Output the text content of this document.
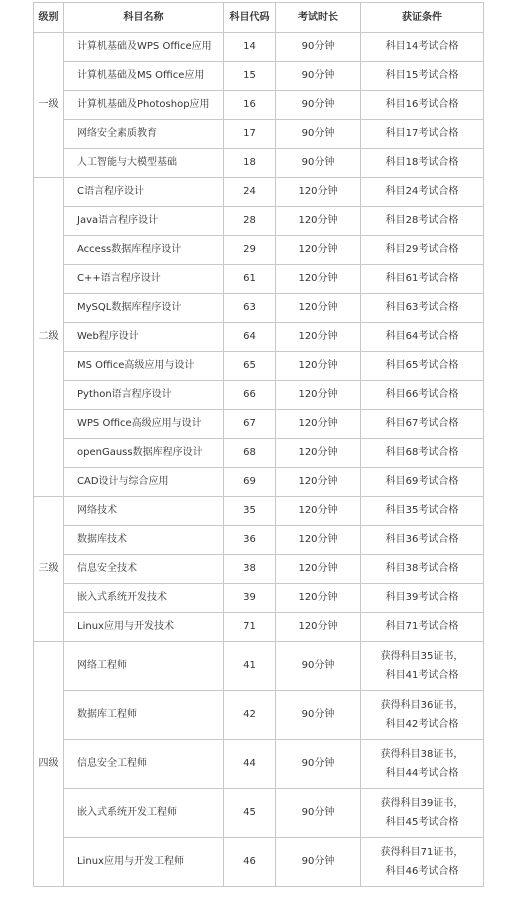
级别	科目名称	科目代码	考试时长	获证条件
一级	计算机基础及WPS Office应用	14	90分钟	科目14考试合格
	计算机基础及MS Office应用	15	90分钟	科目15考试合格
	计算机基础及Photoshop应用	16	90分钟	科目16考试合格
	网络安全素质教育	17	90分钟	科目17考试合格
	人工智能与大模型基础	18	90分钟	科目18考试合格
二级	C语言程序设计	24	120分钟	科目24考试合格
	Java语言程序设计	28	120分钟	科目28考试合格
	Access数据库程序设计	29	120分钟	科目29考试合格
	C++语言程序设计	61	120分钟	科目61考试合格
	MySQL数据库程序设计	63	120分钟	科目63考试合格
	Web程序设计	64	120分钟	科目64考试合格
	MS Office高级应用与设计	65	120分钟	科目65考试合格
	Python语言程序设计	66	120分钟	科目66考试合格
	WPS Office高级应用与设计	67	120分钟	科目67考试合格
	openGauss数据库程序设计	68	120分钟	科目68考试合格
	CAD设计与综合应用	69	120分钟	科目69考试合格
三级	网络技术	35	120分钟	科目35考试合格
	数据库技术	36	120分钟	科目36考试合格
	信息安全技术	38	120分钟	科目38考试合格
	嵌入式系统开发技术	39	120分钟	科目39考试合格
	Linux应用与开发技术	71	120分钟	科目71考试合格
四级	网络工程师	41	90分钟	获得科目35证书，
科目41考试合格

	数据库工程师	42	90分钟	获得科目36证书，
科目42考试合格

	信息安全工程师	44	90分钟	获得科目38证书，
科目44考试合格

	嵌入式系统开发工程师	45	90分钟	获得科目39证书，
科目45考试合格

	Linux应用与开发工程师	46	90分钟	获得科目71证书，
科目46考试合格
